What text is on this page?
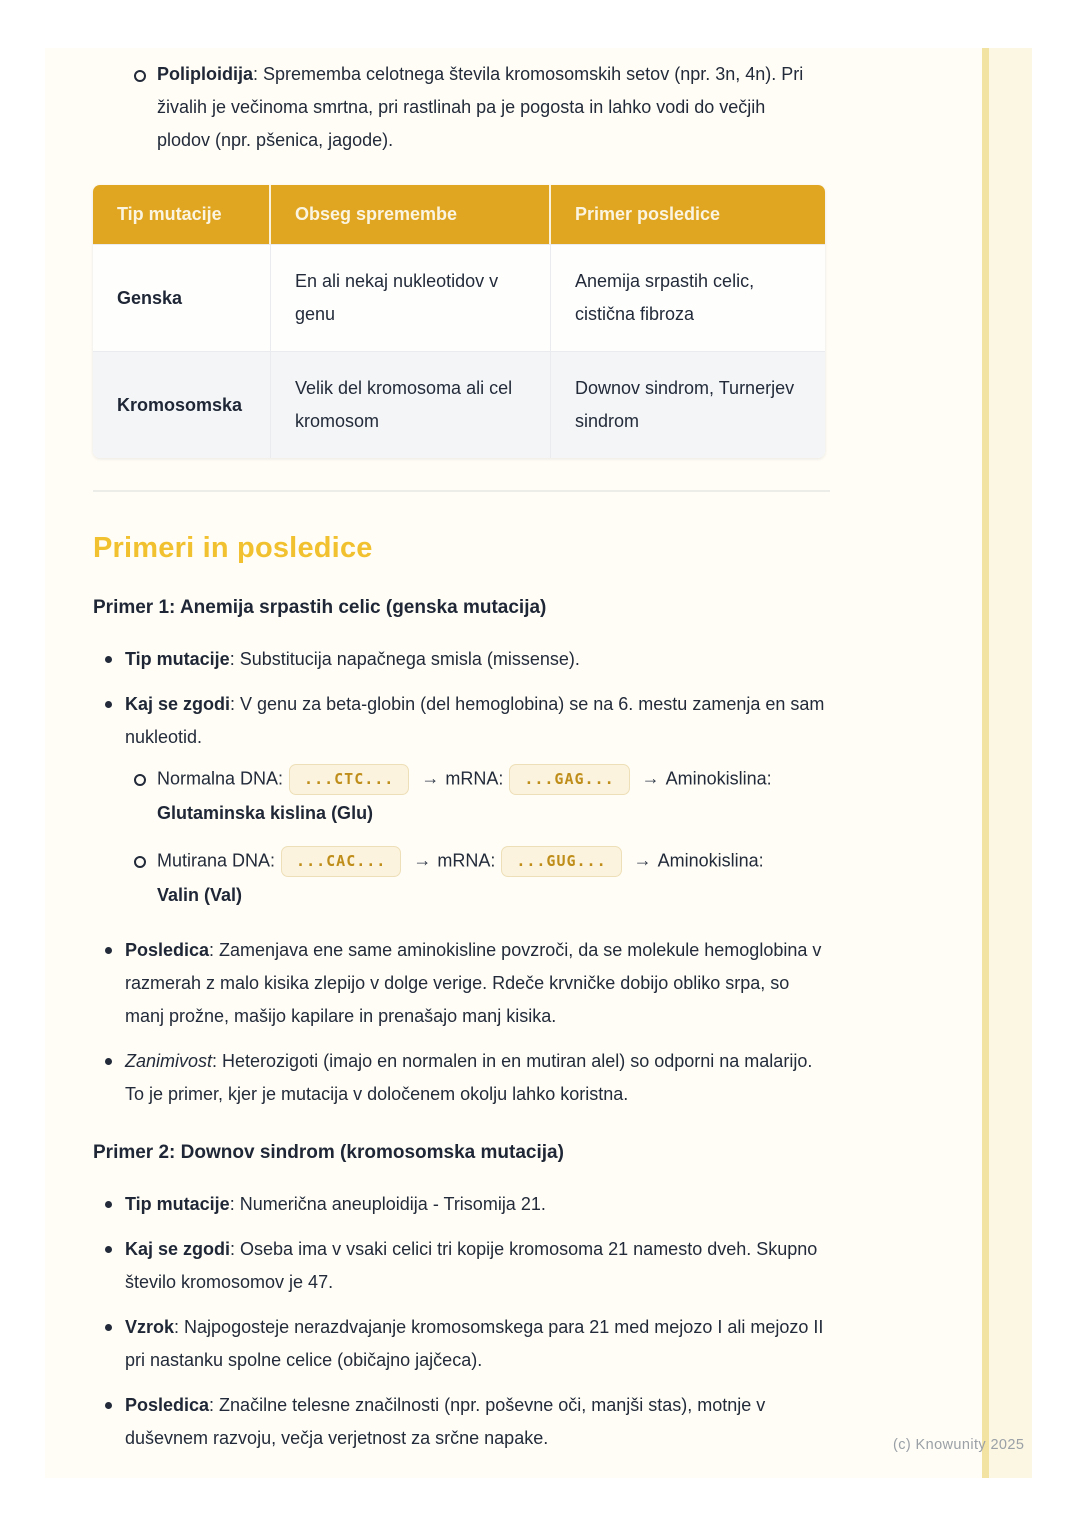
Poliploidija: Sprememba celotnega števila kromosomskih setov (npr. 3n, 4n). Pri živalih je večinoma smrtna, pri rastlinah pa je pogosta in lahko vodi do večjih plodov (npr. pšenica, jagode).
Tip mutacije	Obseg spremembe	Primer posledice
Genska	En ali nekaj nukleotidov v genu	Anemija srpastih celic, cistična fibroza
Kromosomska	Velik del kromosoma ali cel kromosom	Downov sindrom, Turnerjev sindrom
Primeri in posledice
Primer 1: Anemija srpastih celic (genska mutacija)
Tip mutacije: Substitucija napačnega smisla (missense).
Kaj se zgodi: V genu za beta-globin (del hemoglobina) se na 6. mestu zamenja en sam nukleotid.
Normalna DNA: ...CTC... → mRNA: ...GAG... → Aminokislina:
Glutaminska kislina (Glu)
Mutirana DNA: ...CAC... → mRNA: ...GUG... → Aminokislina:
Valin (Val)
Posledica: Zamenjava ene same aminokisline povzroči, da se molekule hemoglobina v razmerah z malo kisika zlepijo v dolge verige. Rdeče krvničke dobijo obliko srpa, so manj prožne, mašijo kapilare in prenašajo manj kisika.
Zanimivost: Heterozigoti (imajo en normalen in en mutiran alel) so odporni na malarijo. To je primer, kjer je mutacija v določenem okolju lahko koristna.
Primer 2: Downov sindrom (kromosomska mutacija)
Tip mutacije: Numerična aneuploidija - Trisomija 21.
Kaj se zgodi: Oseba ima v vsaki celici tri kopije kromosoma 21 namesto dveh. Skupno število kromosomov je 47.
Vzrok: Najpogosteje nerazdvajanje kromosomskega para 21 med mejozo I ali mejozo II pri nastanku spolne celice (običajno jajčeca).
Posledica: Značilne telesne značilnosti (npr. poševne oči, manjši stas), motnje v duševnem razvoju, večja verjetnost za srčne napake.	(c) Knowunity 2025
